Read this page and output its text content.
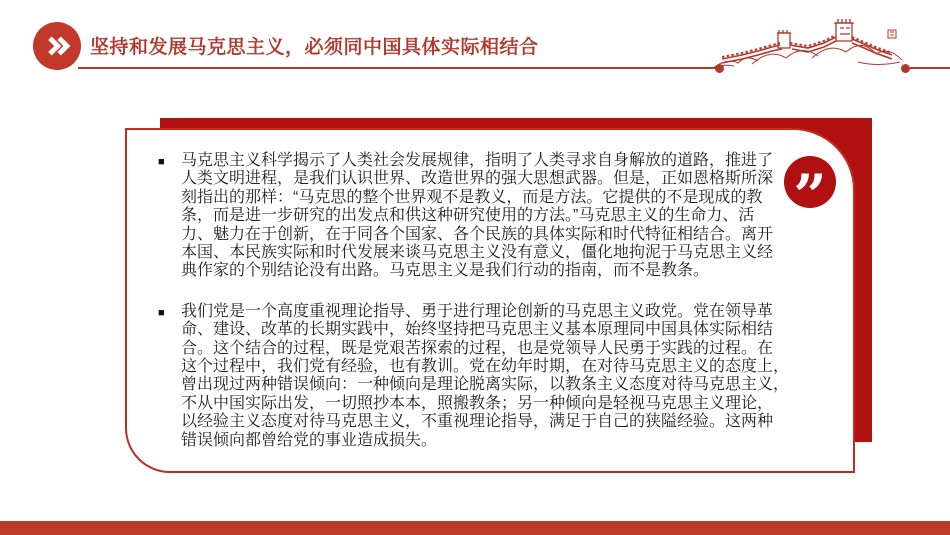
坚持和发展马克思主义，必须同中国具体实际相结合
”
■	马克思主义科学揭示了人类社会发展规律，指明了人类寻求自身解放的道路，推进了
人类文明进程，是我们认识世界、改造世界的强大思想武器。但是，正如恩格斯所深
刻指出的那样：“马克思的整个世界观不是教义，而是方法。它提供的不是现成的教
条，而是进一步研究的出发点和供这种研究使用的方法。”马克思主义的生命力、活
力、魅力在于创新，在于同各个国家、各个民族的具体实际和时代特征相结合。离开
本国、本民族实际和时代发展来谈马克思主义没有意义，僵化地拘泥于马克思主义经
典作家的个别结论没有出路。马克思主义是我们行动的指南，而不是教条。
■	我们党是一个高度重视理论指导、勇于进行理论创新的马克思主义政党。党在领导革
命、建设、改革的长期实践中，始终坚持把马克思主义基本原理同中国具体实际相结
合。这个结合的过程，既是党艰苦探索的过程，也是党领导人民勇于实践的过程。在
这个过程中，我们党有经验，也有教训。党在幼年时期，在对待马克思主义的态度上，
曾出现过两种错误倾向：一种倾向是理论脱离实际，以教条主义态度对待马克思主义，
不从中国实际出发，一切照抄本本，照搬教条；另一种倾向是轻视马克思主义理论，
以经验主义态度对待马克思主义，不重视理论指导，满足于自己的狭隘经验。这两种
错误倾向都曾给党的事业造成损失。
